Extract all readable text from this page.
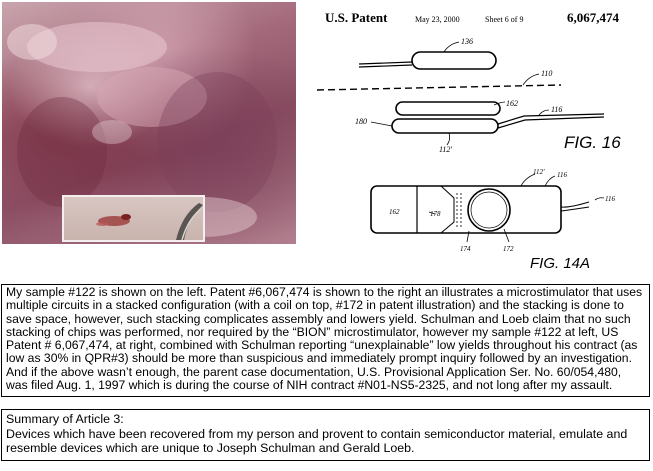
U.S. Patent	May 23, 2000	Sheet 6 of 9	6,067,474
136
110
162
180
116
112'	FIG. 16
112' 116
116
162	178
174	172
FIG. 14A
My sample #122 is shown on the left. Patent #6,067,474 is shown to the right an illustrates a microstimulator that uses multiple circuits in a stacked configuration (with a coil on top, #172 in patent illustration) and the stacking is done to save space, however, such stacking complicates assembly and lowers yield. Schulman and Loeb claim that no such stacking of chips was performed, nor required by the “BION” microstimulator, however my sample #122 at left, US Patent # 6,067,474, at right, combined with Schulman reporting “unexplainable” low yields throughout his contract (as low as 30% in QPR#3) should be more than suspicious and immediately prompt inquiry followed by an investigation. And if the above wasn’t enough, the parent case documentation, U.S. Provisional Application Ser. No. 60/054,480, was filed Aug. 1, 1997 which is during the course of NIH contract #N01-NS5-2325, and not long after my assault.
Summary of Article 3:
Devices which have been recovered from my person and provent to contain semiconductor material, emulate and resemble devices which are unique to Joseph Schulman and Gerald Loeb.
